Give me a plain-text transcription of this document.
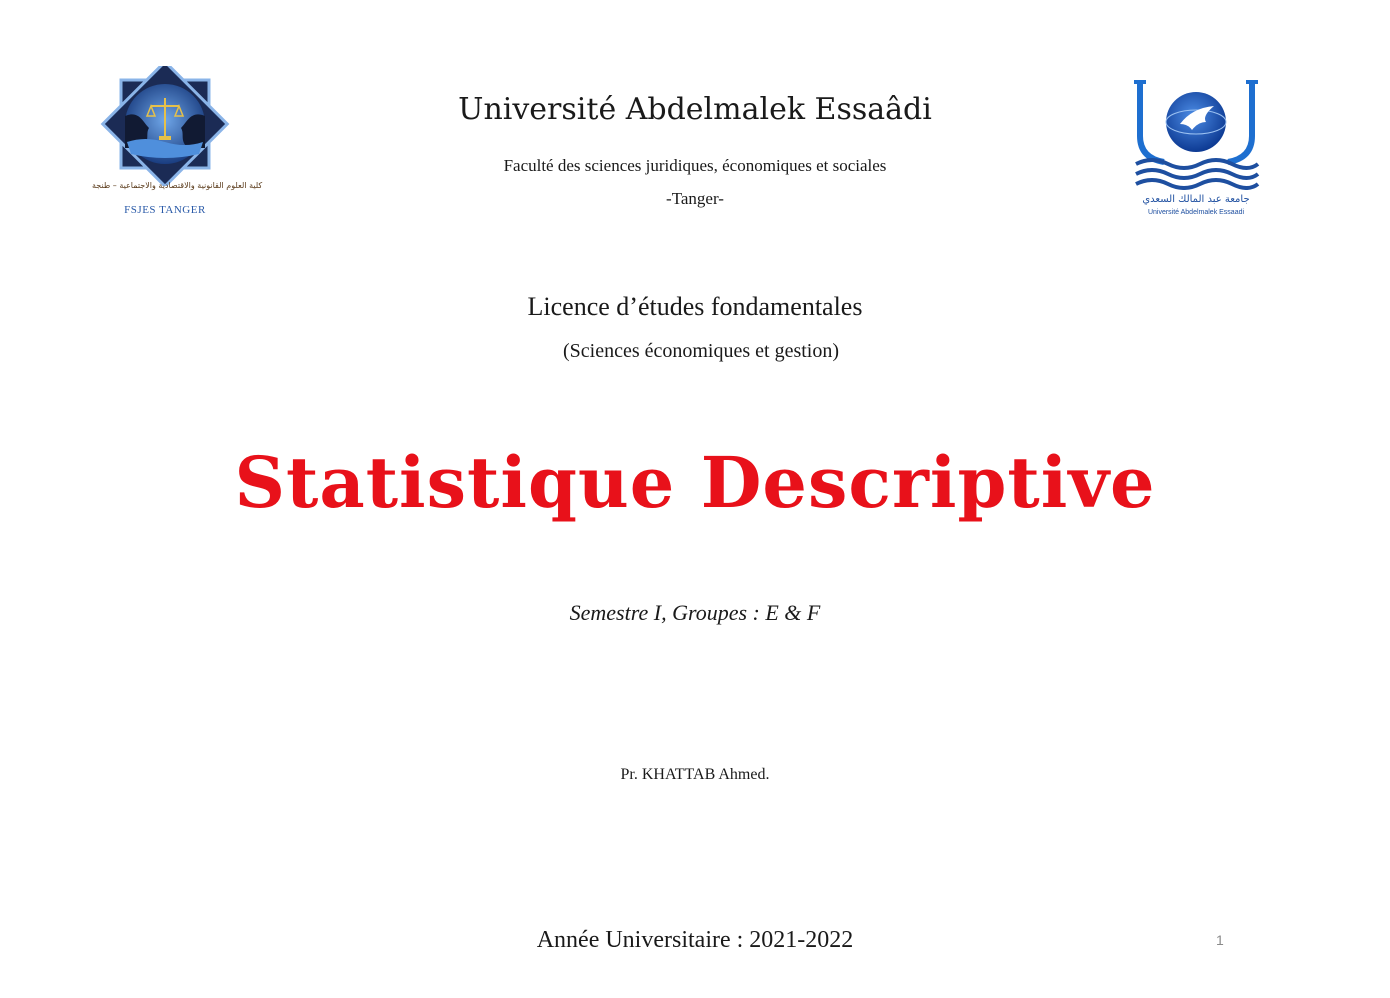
كلية العلوم القانونية والاقتصادية والاجتماعية – طنجة
FSJES TANGER
جامعة عبد المالك السعدي
Université Abdelmalek Essaadi
Université Abdelmalek Essaâdi
Faculté des sciences juridiques, économiques et sociales
-Tanger-
Licence d’études fondamentales
(Sciences économiques et gestion)
Statistique Descriptive
Semestre I, Groupes : E & F
Pr. KHATTAB Ahmed.
Année Universitaire : 2021-2022	1
